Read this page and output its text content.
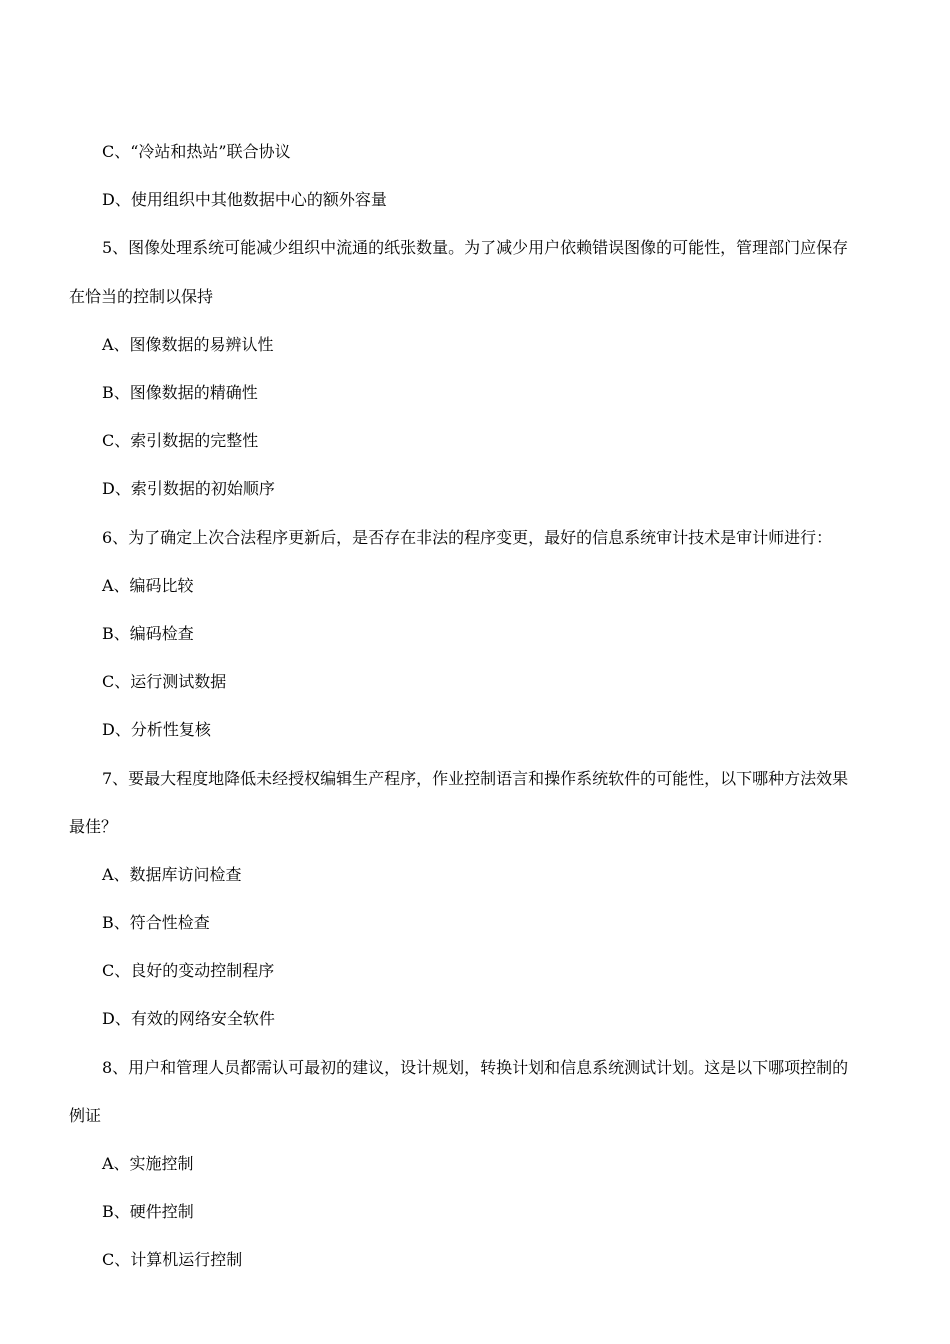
C、“冷站和热站”联合协议
D、使用组织中其他数据中心的额外容量
5、图像处理系统可能减少组织中流通的纸张数量。为了减少用户依赖错误图像的可能性，管理部门应保存
在恰当的控制以保持
A、图像数据的易辨认性
B、图像数据的精确性
C、索引数据的完整性
D、索引数据的初始顺序
6、为了确定上次合法程序更新后，是否存在非法的程序变更，最好的信息系统审计技术是审计师进行：
A、编码比较
B、编码检查
C、运行测试数据
D、分析性复核
7、要最大程度地降低未经授权编辑生产程序，作业控制语言和操作系统软件的可能性，以下哪种方法效果
最佳？
A、数据库访问检查
B、符合性检查
C、良好的变动控制程序
D、有效的网络安全软件
8、用户和管理人员都需认可最初的建议，设计规划，转换计划和信息系统测试计划。这是以下哪项控制的
例证
A、实施控制
B、硬件控制
C、计算机运行控制
